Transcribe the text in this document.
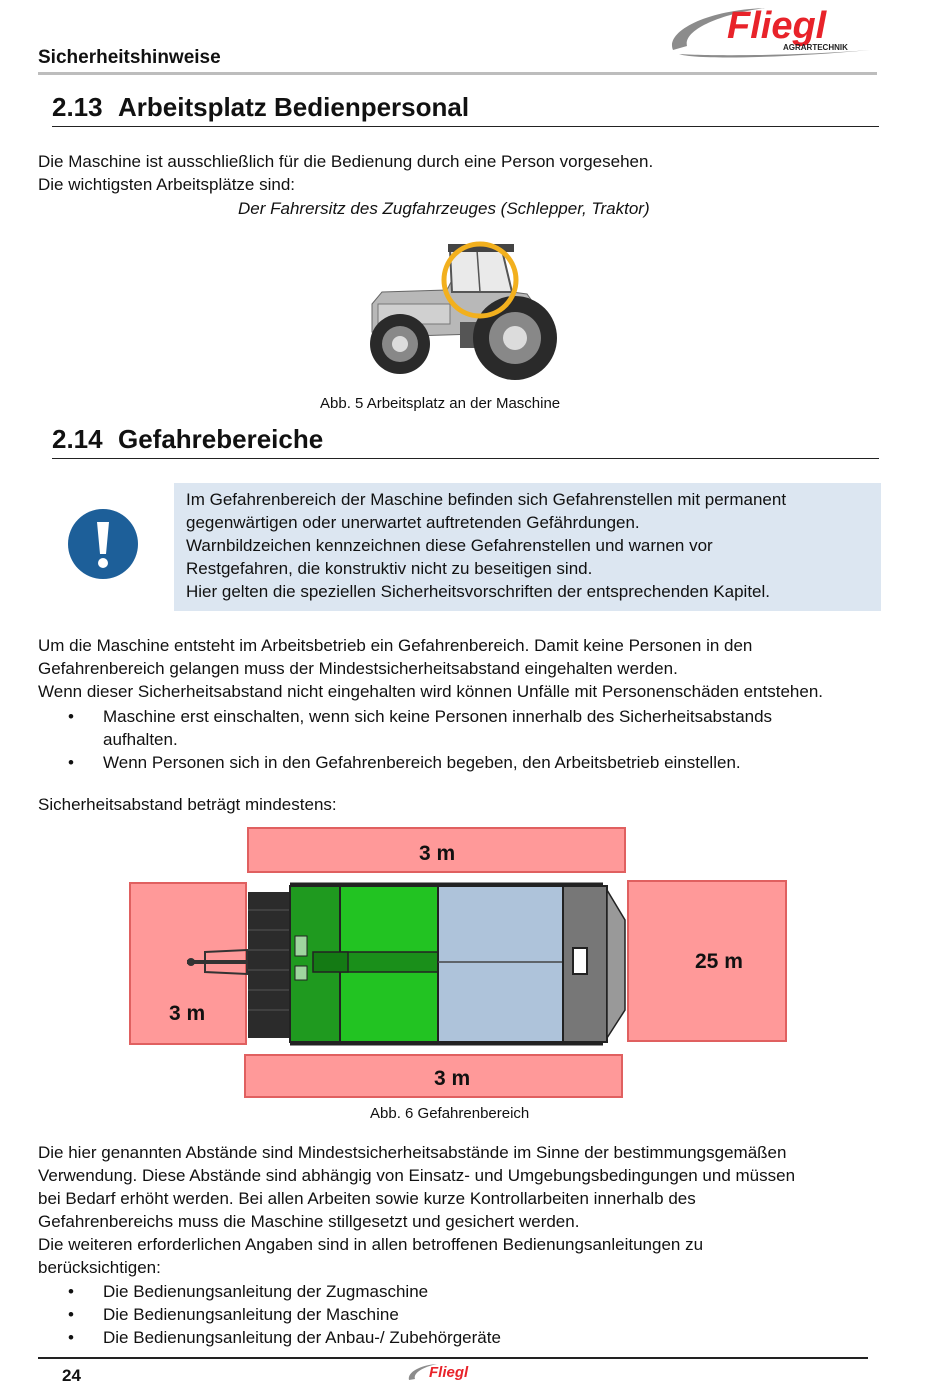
Sicherheitshinweise
Fliegl
AGRARTECHNIK
2.13 Arbeitsplatz Bedienpersonal
Die Maschine ist ausschließlich für die Bedienung durch eine Person vorgesehen.
Die wichtigsten Arbeitsplätze sind:
Der Fahrersitz des Zugfahrzeuges (Schlepper, Traktor)
Abb. 5 Arbeitsplatz an der Maschine
2.14 Gefahrebereiche
Im Gefahrenbereich der Maschine befinden sich Gefahrenstellen mit permanent
gegenwärtigen oder unerwartet auftretenden Gefährdungen.
Warnbildzeichen kennzeichnen diese Gefahrenstellen und warnen vor
Restgefahren, die konstruktiv nicht zu beseitigen sind.
Hier gelten die speziellen Sicherheitsvorschriften der entsprechenden Kapitel.
Um die Maschine entsteht im Arbeitsbetrieb ein Gefahrenbereich. Damit keine Personen in den
Gefahrenbereich gelangen muss der Mindestsicherheitsabstand eingehalten werden.
Wenn dieser Sicherheitsabstand nicht eingehalten wird können Unfälle mit Personenschäden entstehen.
• Maschine erst einschalten, wenn sich keine Personen innerhalb des Sicherheitsabstands aufhalten.
• Wenn Personen sich in den Gefahrenbereich begeben, den Arbeitsbetrieb einstellen.
Sicherheitsabstand beträgt mindestens:
3 m
3 m
3 m
25 m
Abb. 6 Gefahrenbereich
Die hier genannten Abstände sind Mindestsicherheitsabstände im Sinne der bestimmungsgemäßen
Verwendung. Diese Abstände sind abhängig von Einsatz- und Umgebungsbedingungen und müssen
bei Bedarf erhöht werden. Bei allen Arbeiten sowie kurze Kontrollarbeiten innerhalb des
Gefahrenbereichs muss die Maschine stillgesetzt und gesichert werden.
Die weiteren erforderlichen Angaben sind in allen betroffenen Bedienungsanleitungen zu
berücksichtigen:
• Die Bedienungsanleitung der Zugmaschine
• Die Bedienungsanleitung der Maschine
• Die Bedienungsanleitung der Anbau-/ Zubehörgeräte
24	Fliegl
